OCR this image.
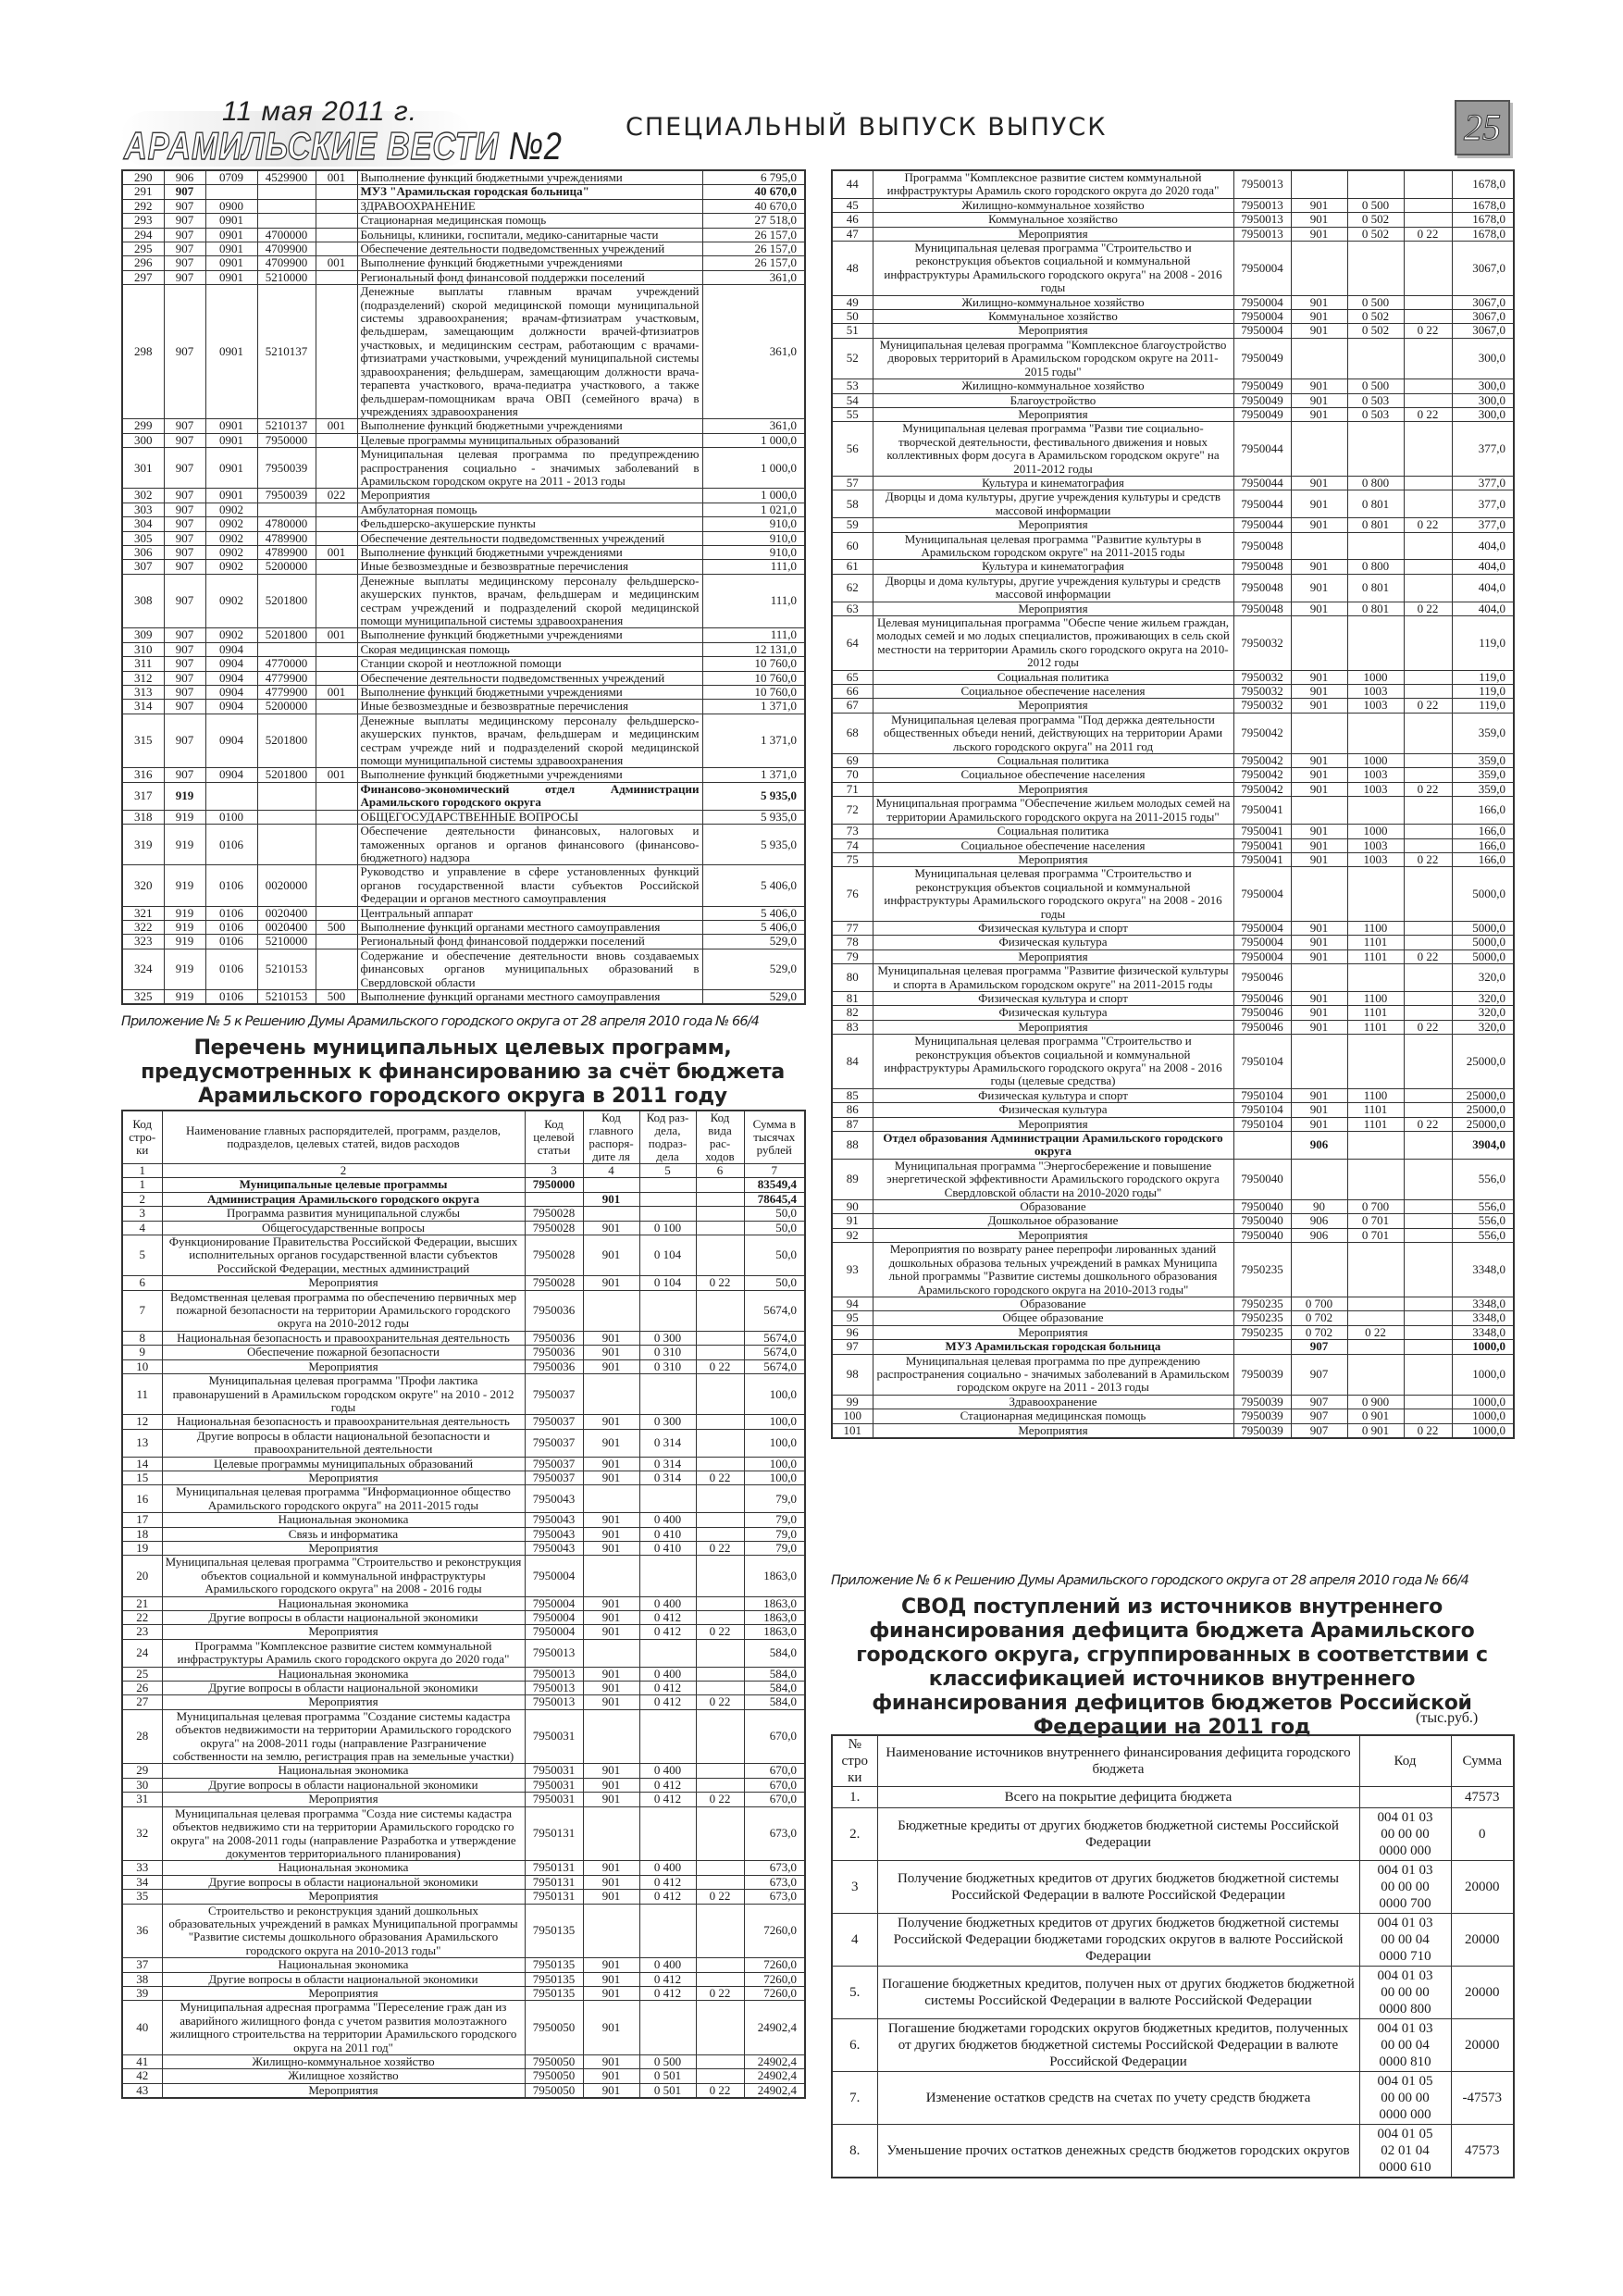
11 мая 2011 г.
АРАМИЛЬСКИЕ ВЕСТИ №2	СПЕЦИАЛЬНЫЙ ВЫПУСК ВЫПУСК	25
290	906	0709	4529900	001	Выполнение функций бюджетными учреждениями	6 795,0
291	907				МУЗ "Арамильская городская больница"	40 670,0
292	907	0900			ЗДРАВООХРАНЕНИЕ	40 670,0
293	907	0901			Стационарная медицинская помощь	27 518,0
294	907	0901	4700000		Больницы, клиники, госпитали, медико-санитарные части	26 157,0
295	907	0901	4709900		Обеспечение деятельности подведомственных учреждений	26 157,0
296	907	0901	4709900	001	Выполнение функций бюджетными учреждениями	26 157,0
297	907	0901	5210000		Региональный фонд финансовой поддержки поселений	361,0
298	907	0901	5210137		Денежные выплаты главным врачам учреждений (подразделений) скорой медицинской помощи муниципальной системы здравоохранения; врачам-фтизиатрам участковым, фельдшерам, замещающим должности врачей-фтизиатров участковых, и медицинским сестрам, работающим с врачами-фтизиатрами участковыми, учреждений муниципальной системы здравоохранения; фельдшерам, замещающим должности врача-терапевта участкового, врача-педиатра участкового, а также фельдшерам-помощникам врача ОВП (семейного врача) в учреждениях здравоохранения	361,0
299	907	0901	5210137	001	Выполнение функций бюджетными учреждениями	361,0
300	907	0901	7950000		Целевые программы муниципальных образований	1 000,0
301	907	0901	7950039		Муниципальная целевая программа по предупреждению распространения социально - значимых заболеваний в Арамильском городском округе на 2011 - 2013 годы	1 000,0
302	907	0901	7950039	022	Мероприятия	1 000,0
303	907	0902			Амбулаторная помощь	1 021,0
304	907	0902	4780000		Фельдшерско-акушерские пункты	910,0
305	907	0902	4789900		Обеспечение деятельности подведомственных учреждений	910,0
306	907	0902	4789900	001	Выполнение функций бюджетными учреждениями	910,0
307	907	0902	5200000		Иные безвозмездные и безвозвратные перечисления	111,0
308	907	0902	5201800		Денежные выплаты медицинскому персоналу фельдшерско-акушерских пунктов, врачам, фельдшерам и медицинским сестрам учреждений и подразделений скорой медицинской помощи муниципальной системы здравоохранения	111,0
309	907	0902	5201800	001	Выполнение функций бюджетными учреждениями	111,0
310	907	0904			Скорая медицинская помощь	12 131,0
311	907	0904	4770000		Станции скорой и неотложной помощи	10 760,0
312	907	0904	4779900		Обеспечение деятельности подведомственных учреждений	10 760,0
313	907	0904	4779900	001	Выполнение функций бюджетными учреждениями	10 760,0
314	907	0904	5200000		Иные безвозмездные и безвозвратные перечисления	1 371,0
315	907	0904	5201800		Денежные выплаты медицинскому персоналу фельдшерско-акушерских пунктов, врачам, фельдшерам и медицинским сестрам учрежде ний и подразделений скорой медицинской помощи муниципальной системы здравоохранения	1 371,0
316	907	0904	5201800	001	Выполнение функций бюджетными учреждениями	1 371,0
317	919				Финансово-экономический отдел Администрации Арамильского городского округа	5 935,0
318	919	0100			ОБЩЕГОСУДАРСТВЕННЫЕ ВОПРОСЫ	5 935,0
319	919	0106			Обеспечение деятельности финансовых, налоговых и таможенных органов и органов финансового (финансово-бюджетного) надзора	5 935,0
320	919	0106	0020000		Руководство и управление в сфере установленных функций органов государственной власти субъектов Российской Федерации и органов местного самоуправления	5 406,0
321	919	0106	0020400		Центральный аппарат	5 406,0
322	919	0106	0020400	500	Выполнение функций органами местного самоуправления	5 406,0
323	919	0106	5210000		Региональный фонд финансовой поддержки поселений	529,0
324	919	0106	5210153		Содержание и обеспечение деятельности вновь создаваемых финансовых органов муниципальных образований в Свердловской области	529,0
325	919	0106	5210153	500	Выполнение функций органами местного самоуправления	529,0
Приложение № 5 к Решению Думы Арамильского городского округа от 28 апреля 2010 года № 66/4
Перечень муниципальных целевых программ, предусмотренных к финансированию за счёт бюджета Арамильского городского округа в 2011 году
Код стро-ки	Наименование главных распорядителей, программ, разделов, подразделов, целевых статей, видов расходов	Код целевой статьи	Код главного распоря-дите ля	Код раз-дела, подраз-дела	Код вида рас-ходов	Сумма в тысячах рублей
1	2	3	4	5	6	7
1	Муниципальные целевые программы	7950000				83549,4
2	Администрация Арамильского городского округа		901			78645,4
3	Программа развития муниципальной службы	7950028				50,0
4	Общегосударственные вопросы	7950028	901	0 100		50,0
5	Функционирование Правительства Российской Федерации, высших исполнительных органов государственной власти субъектов Российской Федерации, местных администраций	7950028	901	0 104		50,0
6	Мероприятия	7950028	901	0 104	0 22	50,0
7	Ведомственная целевая программа по обеспечению первичных мер пожарной безопасности на территории Арамильского городского округа на 2010-2012 годы	7950036				5674,0
8	Национальная безопасность и правоохранительная деятельность	7950036	901	0 300		5674,0
9	Обеспечение пожарной безопасности	7950036	901	0 310		5674,0
10	Мероприятия	7950036	901	0 310	0 22	5674,0
11	Муниципальная целевая программа "Профи лактика правонарушений в Арамильском городском округе" на 2010 - 2012 годы	7950037				100,0
12	Национальная безопасность и правоохранительная деятельность	7950037	901	0 300		100,0
13	Другие вопросы в области национальной безопасности и правоохранительной деятельности	7950037	901	0 314		100,0
14	Целевые программы муниципальных образований	7950037	901	0 314		100,0
15	Мероприятия	7950037	901	0 314	0 22	100,0
16	Муниципальная целевая программа "Информационное общество Арамильского городского округа" на 2011-2015 годы	7950043				79,0
17	Национальная экономика	7950043	901	0 400		79,0
18	Связь и информатика	7950043	901	0 410		79,0
19	Мероприятия	7950043	901	0 410	0 22	79,0
20	Муниципальная целевая программа "Строительство и реконструкция объектов социальной и коммунальной инфраструктуры Арамильского городского округа" на 2008 - 2016 годы	7950004				1863,0
21	Национальная экономика	7950004	901	0 400		1863,0
22	Другие вопросы в области национальной экономики	7950004	901	0 412		1863,0
23	Мероприятия	7950004	901	0 412	0 22	1863,0
24	Программа "Комплексное развитие систем коммунальной инфраструктуры Арамиль ского городского округа до 2020 года"	7950013				584,0
25	Национальная экономика	7950013	901	0 400		584,0
26	Другие вопросы в области национальной экономики	7950013	901	0 412		584,0
27	Мероприятия	7950013	901	0 412	0 22	584,0
28	Муниципальная целевая программа "Создание системы кадастра объектов недвижимости на территории Арамильского городского округа" на 2008-2011 годы (направление Разграничение собственности на землю, регистрация прав на земельные участки)	7950031				670,0
29	Национальная экономика	7950031	901	0 400		670,0
30	Другие вопросы в области национальной экономики	7950031	901	0 412		670,0
31	Мероприятия	7950031	901	0 412	0 22	670,0
32	Муниципальная целевая программа "Созда ние системы кадастра объектов недвижимо сти на территории Арамильского городско го округа" на 2008-2011 годы (направление Разработка и утверждение документов территориального планирования)	7950131				673,0
33	Национальная экономика	7950131	901	0 400		673,0
34	Другие вопросы в области национальной экономики	7950131	901	0 412		673,0
35	Мероприятия	7950131	901	0 412	0 22	673,0
36	Строительство и реконструкция зданий дошкольных образовательных учреждений в рамках Муниципальной программы "Развитие системы дошкольного образования Арамильского городского округа на 2010-2013 годы"	7950135				7260,0
37	Национальная экономика	7950135	901	0 400		7260,0
38	Другие вопросы в области национальной экономики	7950135	901	0 412		7260,0
39	Мероприятия	7950135	901	0 412	0 22	7260,0
40	Муниципальная адресная программа "Переселение граж дан из аварийного жилищного фонда с учетом развития молоэтажного жилищного строительства на территории Арамильского городского округа на 2011 год"	7950050	901			24902,4
41	Жилищно-коммунальное хозяйство	7950050	901	0 500		24902,4
42	Жилищное хозяйство	7950050	901	0 501		24902,4
43	Мероприятия	7950050	901	0 501	0 22	24902,4
44	Программа "Комплексное развитие систем коммунальной инфраструктуры Арамиль ского городского округа до 2020 года"	7950013				1678,0
45	Жилищно-коммунальное хозяйство	7950013	901	0 500		1678,0
46	Коммунальное хозяйство	7950013	901	0 502		1678,0
47	Мероприятия	7950013	901	0 502	0 22	1678,0
48	Муниципальная целевая программа "Строительство и реконструкция объектов социальной и коммунальной инфраструктуры Арамильского городского округа" на 2008 - 2016 годы	7950004				3067,0
49	Жилищно-коммунальное хозяйство	7950004	901	0 500		3067,0
50	Коммунальное хозяйство	7950004	901	0 502		3067,0
51	Мероприятия	7950004	901	0 502	0 22	3067,0
52	Муниципальная целевая программа "Комплексное благоустройство дворовых территорий в Арамильском городском округе на 2011-2015 годы"	7950049				300,0
53	Жилищно-коммунальное хозяйство	7950049	901	0 500		300,0
54	Благоустройство	7950049	901	0 503		300,0
55	Мероприятия	7950049	901	0 503	0 22	300,0
56	Муниципальная целевая программа "Разви тие социально-творческой деятельности, фестивального движения и новых коллективных форм досуга в Арамильском городском округе" на 2011-2012 годы	7950044				377,0
57	Культура и кинематография	7950044	901	0 800		377,0
58	Дворцы и дома культуры, другие учреждения культуры и средств массовой информации	7950044	901	0 801		377,0
59	Мероприятия	7950044	901	0 801	0 22	377,0
60	Муниципальная целевая программа "Развитие культуры в Арамильском городском округе" на 2011-2015 годы	7950048				404,0
61	Культура и кинематография	7950048	901	0 800		404,0
62	Дворцы и дома культуры, другие учреждения культуры и средств массовой информации	7950048	901	0 801		404,0
63	Мероприятия	7950048	901	0 801	0 22	404,0
64	Целевая муниципальная программа "Обеспе чение жильем граждан, молодых семей и мо лодых специалистов, проживающих в сель ской местности на территории Арамиль ского городского округа на 2010-2012 годы	7950032				119,0
65	Социальная политика	7950032	901	1000		119,0
66	Социальное обеспечение населения	7950032	901	1003		119,0
67	Мероприятия	7950032	901	1003	0 22	119,0
68	Муниципальная целевая программа "Под держка деятельности общественных объеди нений, действующих на территории Арами льского городского округа" на 2011 год	7950042				359,0
69	Социальная политика	7950042	901	1000		359,0
70	Социальное обеспечение населения	7950042	901	1003		359,0
71	Мероприятия	7950042	901	1003	0 22	359,0
72	Муниципальная программа "Обеспечение жильем молодых семей на территории Арамильского городского округа на 2011-2015 годы"	7950041				166,0
73	Социальная политика	7950041	901	1000		166,0
74	Социальное обеспечение населения	7950041	901	1003		166,0
75	Мероприятия	7950041	901	1003	0 22	166,0
76	Муниципальная целевая программа "Строительство и реконструкция объектов социальной и коммунальной инфраструктуры Арамильского городского округа" на 2008 - 2016 годы	7950004				5000,0
77	Физическая культура и спорт	7950004	901	1100		5000,0
78	Физическая культура	7950004	901	1101		5000,0
79	Мероприятия	7950004	901	1101	0 22	5000,0
80	Муниципальная целевая программа "Развитие физической культуры и спорта в Арамильском городском округе" на 2011-2015 годы	7950046				320,0
81	Физическая культура и спорт	7950046	901	1100		320,0
82	Физическая культура	7950046	901	1101		320,0
83	Мероприятия	7950046	901	1101	0 22	320,0
84	Муниципальная целевая программа "Строительство и реконструкция объектов социальной и коммунальной инфраструктуры Арамильского городского округа" на 2008 - 2016 годы (целевые средства)	7950104				25000,0
85	Физическая культура и спорт	7950104	901	1100		25000,0
86	Физическая культура	7950104	901	1101		25000,0
87	Мероприятия	7950104	901	1101	0 22	25000,0
88	Отдел образования Администрации Арамильского городского округа		906			3904,0
89	Муниципальная программа "Энергосбережение и повышение энергетической эффективности Арамильского городского округа Свердловской области на 2010-2020 годы"	7950040				556,0
90	Образование	7950040	90	0 700		556,0
91	Дошкольное образование	7950040	906	0 701		556,0
92	Мероприятия	7950040	906	0 701		556,0
93	Мероприятия по возврату ранее перепрофи лированных зданий дошкольных образова тельных учреждений в рамках Муниципа льной программы "Развитие системы дошкольного образования Арамильского городского округа на 2010-2013 годы"	7950235				3348,0
94	Образование	7950235	0 700			3348,0
95	Общее образование	7950235	0 702			3348,0
96	Мероприятия	7950235	0 702	0 22		3348,0
97	МУЗ Арамильская городская больница		907			1000,0
98	Муниципальная целевая программа по пре дупреждению распространения социально - значимых заболеваний в Арамильском городском округе на 2011 - 2013 годы	7950039	907			1000,0
99	Здравоохранение	7950039	907	0 900		1000,0
100	Стационарная медицинская помощь	7950039	907	0 901		1000,0
101	Мероприятия	7950039	907	0 901	0 22	1000,0
Приложение № 6 к Решению Думы Арамильского городского округа от 28 апреля 2010 года № 66/4
СВОД поступлений из источников внутреннего финансирования дефицита бюджета Арамильского городского округа, сгруппированных в соответствии с классификацией источников внутреннего финансирования дефицитов бюджетов Российской Федерации на 2011 год	(тыс.руб.)
№ стро ки	Наименование источников внутреннего финансирования дефицита городского бюджета	Код	Сумма
1.	Всего на покрытие дефицита бюджета		47573
2.	Бюджетные кредиты от других бюджетов бюджетной системы Российской Федерации	004 01 03 00 00 00 0000 000	0
3	Получение бюджетных кредитов от других бюджетов бюджетной системы Российской Федерации в валюте Российской Федерации	004 01 03 00 00 00 0000 700	20000
4	Получение бюджетных кредитов от других бюджетов бюджетной системы Российской Федерации бюджетами городских округов в валюте Российской Федерации	004 01 03 00 00 04 0000 710	20000
5.	Погашение бюджетных кредитов, получен ных от других бюджетов бюджетной системы Российской Федерации в валюте Российской Федерации	004 01 03 00 00 00 0000 800	20000
6.	Погашение бюджетами городских округов бюджетных кредитов, полученных от других бюджетов бюджетной системы Российской Федерации в валюте Российской Федерации	004 01 03 00 00 04 0000 810	20000
7.	Изменение остатков средств на счетах по учету средств бюджета	004 01 05 00 00 00 0000 000	-47573
8.	Уменьшение прочих остатков денежных средств бюджетов городских округов	004 01 05 02 01 04 0000 610	47573
